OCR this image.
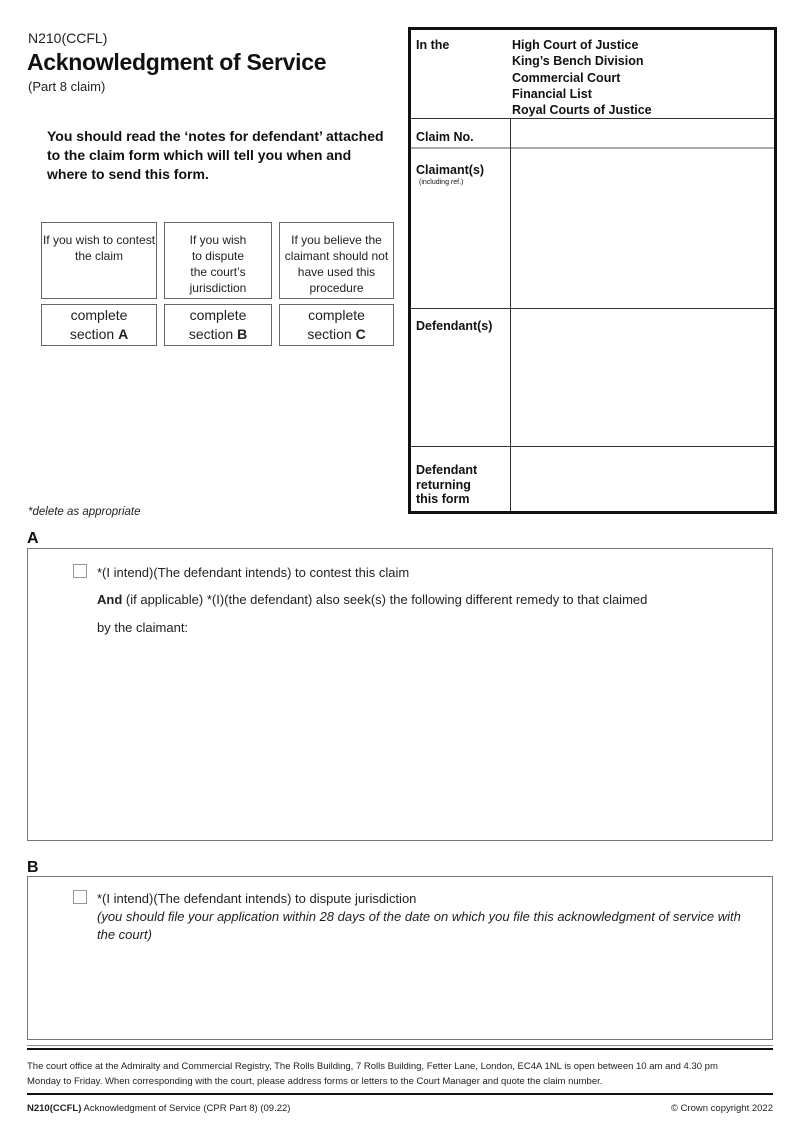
N210(CCFL)
Acknowledgment of Service
(Part 8 claim)
You should read the ‘notes for defendant’ attached to the claim form which will tell you when and where to send this form.
If you wish to contest the claim
If you wish to dispute the court’s jurisdiction
If you believe the claimant should not have used this procedure
complete
section A
complete
section B
complete
section C
In the	High Court of Justice
King’s Bench Division
Commercial Court
Financial List
Royal Courts of Justice
Claim No.
Claimant(s)
(including ref.)
Defendant(s)
Defendant
returning
this form
*delete as appropriate
A
*(I intend)(The defendant intends) to contest this claim
And (if applicable) *(I)(the defendant) also seek(s) the following different remedy to that claimed
by the claimant:
B
*(I intend)(The defendant intends) to dispute jurisdiction
(you should file your application within 28 days of the date on which you file this acknowledgment of service with the court)
The court office at the Admiralty and Commercial Registry, The Rolls Building, 7 Rolls Building, Fetter Lane, London, EC4A 1NL is open between 10 am and 4.30 pm
Monday to Friday. When corresponding with the court, please address forms or letters to the Court Manager and quote the claim number.
N210(CCFL) Acknowledgment of Service (CPR Part 8) (09.22)	© Crown copyright 2022
